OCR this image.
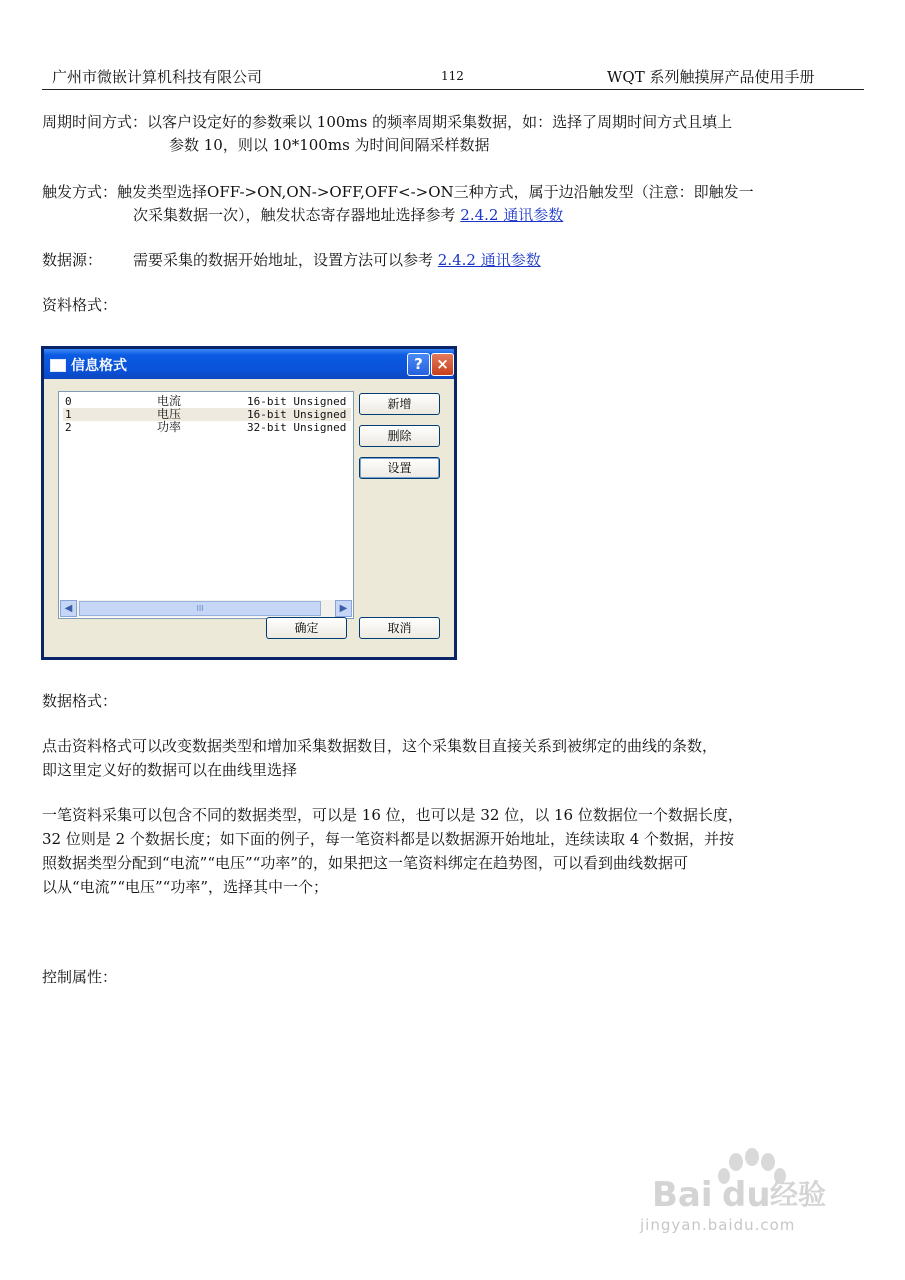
广州市微嵌计算机科技有限公司	112	WQT 系列触摸屏产品使用手册
周期时间方式：以客户设定好的参数乘以 100ms 的频率周期采集数据，如：选择了周期时间方式且填上
参数 10，则以 10*100ms 为时间间隔采样数据
触发方式：触发类型选择OFF->ON,ON->OFF,OFF<->ON三种方式，属于边沿触发型（注意：即触发一
次采集数据一次），触发状态寄存器地址选择参考 2.4.2 通讯参数
数据源： 需要采集的数据开始地址，设置方法可以参考 2.4.2 通讯参数
资料格式：
信息格式	? ×
0	电流	16-bit Unsigned
1	电压	16-bit Unsigned
2	功率	32-bit Unsigned
◀	III	▶
新增
删除
设置
确定	取消
数据格式：
点击资料格式可以改变数据类型和增加采集数据数目，这个采集数目直接关系到被绑定的曲线的条数，
即这里定义好的数据可以在曲线里选择
一笔资料采集可以包含不同的数据类型，可以是 16 位，也可以是 32 位，以 16 位数据位一个数据长度，
32 位则是 2 个数据长度；如下面的例子，每一笔资料都是以数据源开始地址，连续读取 4 个数据，并按
照数据类型分配到“电流”“电压”“功率”的，如果把这一笔资料绑定在趋势图，可以看到曲线数据可
以从“电流”“电压”“功率”，选择其中一个；
控制属性：
Bai du 经验
jingyan.baidu.com
